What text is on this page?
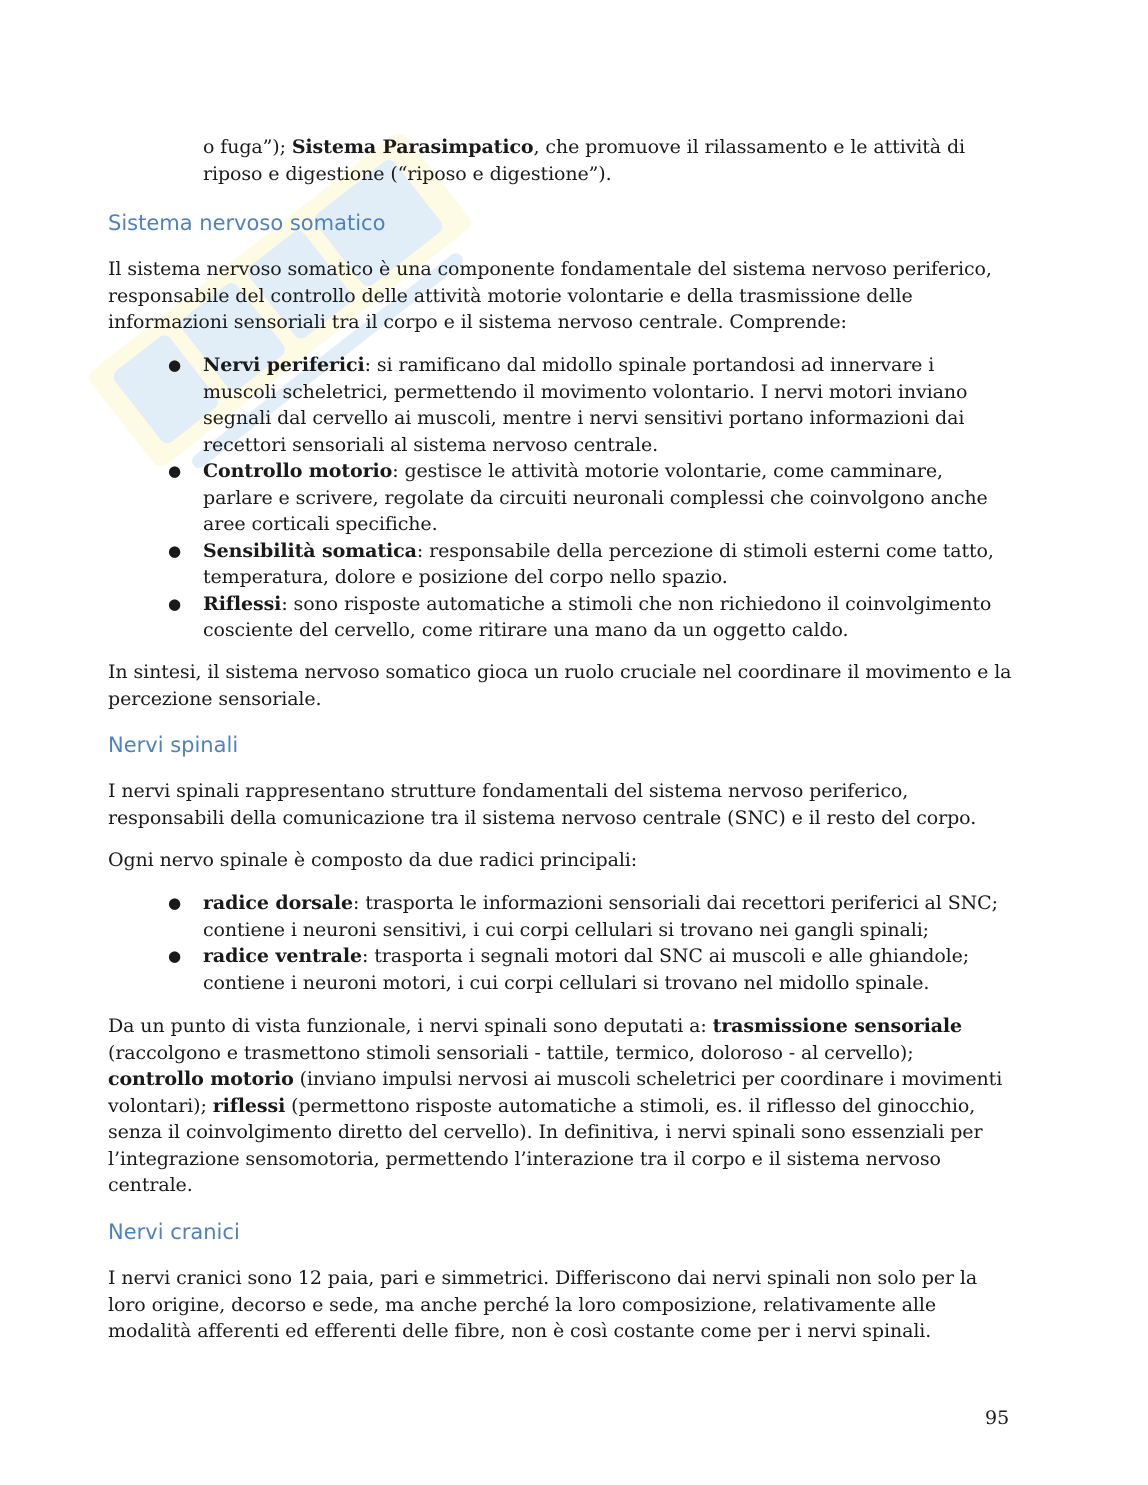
o fuga”); Sistema Parasimpatico, che promuove il rilassamento e le attività di riposo e digestione (“riposo e digestione”).

Sistema nervoso somatico

Il sistema nervoso somatico è una componente fondamentale del sistema nervoso periferico, responsabile del controllo delle attività motorie volontarie e della trasmissione delle informazioni sensoriali tra il corpo e il sistema nervoso centrale. Comprende:

● Nervi periferici: si ramificano dal midollo spinale portandosi ad innervare i muscoli scheletrici, permettendo il movimento volontario. I nervi motori inviano segnali dal cervello ai muscoli, mentre i nervi sensitivi portano informazioni dai recettori sensoriali al sistema nervoso centrale.

● Controllo motorio: gestisce le attività motorie volontarie, come camminare, parlare e scrivere, regolate da circuiti neuronali complessi che coinvolgono anche aree corticali specifiche.

● Sensibilità somatica: responsabile della percezione di stimoli esterni come tatto, temperatura, dolore e posizione del corpo nello spazio.

● Riflessi: sono risposte automatiche a stimoli che non richiedono il coinvolgimento cosciente del cervello, come ritirare una mano da un oggetto caldo.

In sintesi, il sistema nervoso somatico gioca un ruolo cruciale nel coordinare il movimento e la percezione sensoriale.

Nervi spinali

I nervi spinali rappresentano strutture fondamentali del sistema nervoso periferico, responsabili della comunicazione tra il sistema nervoso centrale (SNC) e il resto del corpo.

Ogni nervo spinale è composto da due radici principali:

● radice dorsale: trasporta le informazioni sensoriali dai recettori periferici al SNC; contiene i neuroni sensitivi, i cui corpi cellulari si trovano nei gangli spinali;

● radice ventrale: trasporta i segnali motori dal SNC ai muscoli e alle ghiandole; contiene i neuroni motori, i cui corpi cellulari si trovano nel midollo spinale.

Da un punto di vista funzionale, i nervi spinali sono deputati a: trasmissione sensoriale (raccolgono e trasmettono stimoli sensoriali - tattile, termico, doloroso - al cervello); controllo motorio (inviano impulsi nervosi ai muscoli scheletrici per coordinare i movimenti volontari); riflessi (permettono risposte automatiche a stimoli, es. il riflesso del ginocchio, senza il coinvolgimento diretto del cervello). In definitiva, i nervi spinali sono essenziali per l’integrazione sensomotoria, permettendo l’interazione tra il corpo e il sistema nervoso centrale.

Nervi cranici

I nervi cranici sono 12 paia, pari e simmetrici. Differiscono dai nervi spinali non solo per la loro origine, decorso e sede, ma anche perché la loro composizione, relativamente alle modalità afferenti ed efferenti delle fibre, non è così costante come per i nervi spinali.

95
